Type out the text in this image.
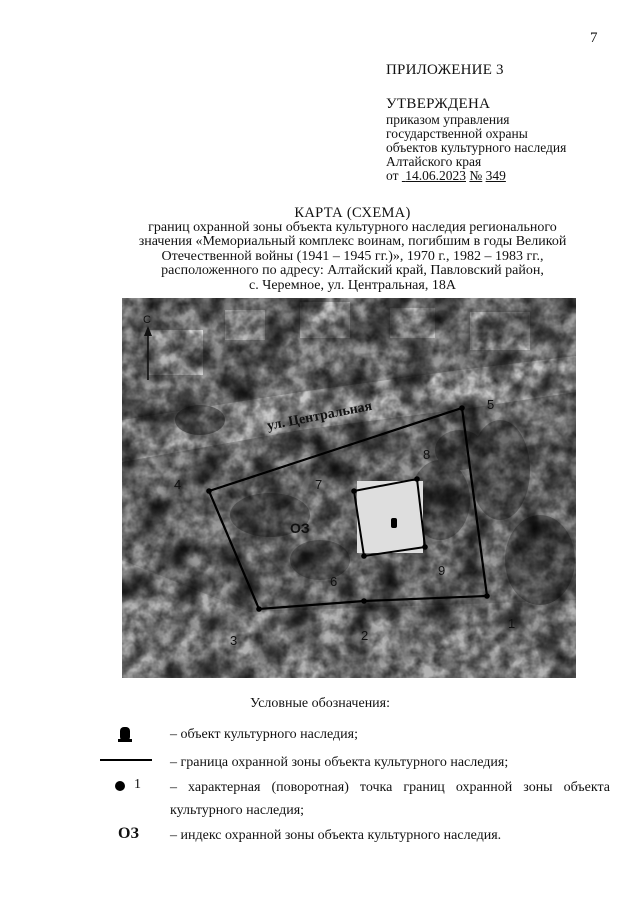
7
ПРИЛОЖЕНИЕ 3
УТВЕРЖДЕНА
приказом управления
государственной охраны
объектов культурного наследия
Алтайского края
от 14.06.2023 № 349
КАРТА (СХЕМА)
границ охранной зоны объекта культурного наследия регионального
значения «Мемориальный комплекс воинам, погибшим в годы Великой
Отечественной войны (1941 – 1945 гг.)», 1970 г., 1982 – 1983 гг.,
расположенного по адресу: Алтайский край, Павловский район,
с. Черемное, ул. Центральная, 18А
С
ул. Центральная
1
2
3
4
5
6
7
8
9
ОЗ
Условные обозначения:
1
ОЗ
– объект культурного наследия;
– граница охранной зоны объекта культурного наследия;
– характерная (поворотная) точка границ охранной зоны объекта
культурного наследия;
– индекс охранной зоны объекта культурного наследия.
